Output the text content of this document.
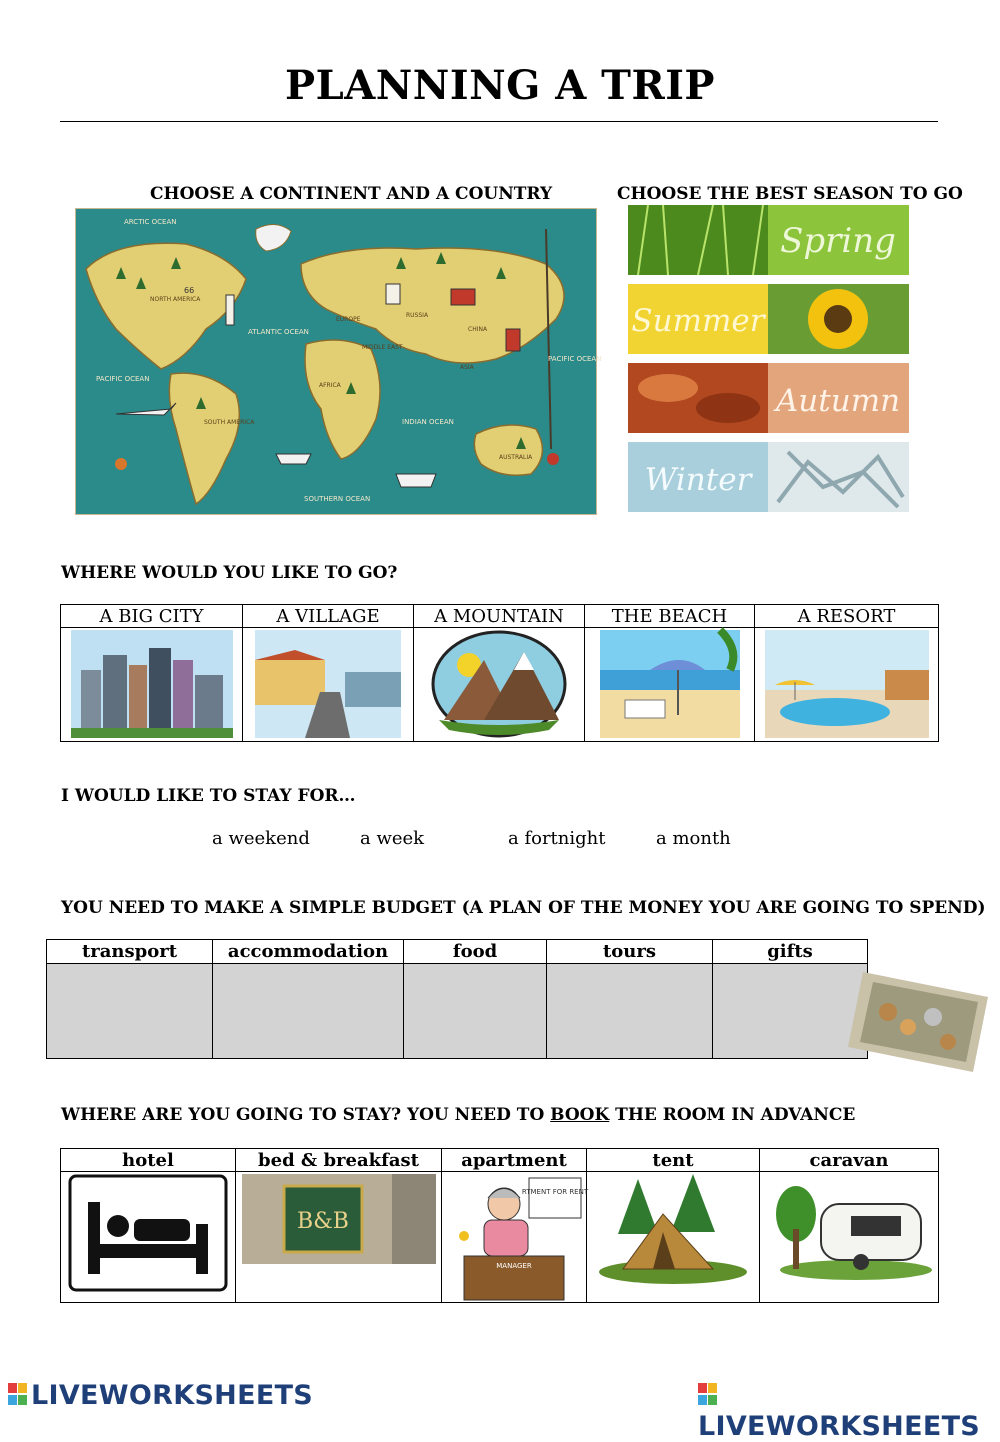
PLANNING A TRIP
CHOOSE A CONTINENT AND A COUNTRY	CHOOSE THE BEST SEASON TO GO
ARCTIC OCEAN
NORTH AMERICA
ATLANTIC OCEAN
PACIFIC OCEAN
PACIFIC OCEAN
SOUTH AMERICA
EUROPE
RUSSIA
CHINA
MIDDLE EAST
ASIA
AFRICA
INDIAN OCEAN
AUSTRALIA
SOUTHERN OCEAN
66
Spring
Summer
Autumn
Winter
WHERE WOULD YOU LIKE TO GO?
A BIG CITY	A VILLAGE	A MOUNTAIN	THE BEACH	A RESORT

I WOULD LIKE TO STAY FOR…
a weekend	a week	a fortnight	a month
YOU NEED TO MAKE A SIMPLE BUDGET (A PLAN OF THE MONEY YOU ARE GOING TO SPEND)
transport	accommodation	food	tours	gifts

WHERE ARE YOU GOING TO STAY? YOU NEED TO BOOK THE ROOM IN ADVANCE
hotel	bed & breakfast	apartment	tent	caravan

B&B	RTMENT FOR RENT
MANAGER

LIVEWORKSHEETS
LIVEWORKSHEETS
